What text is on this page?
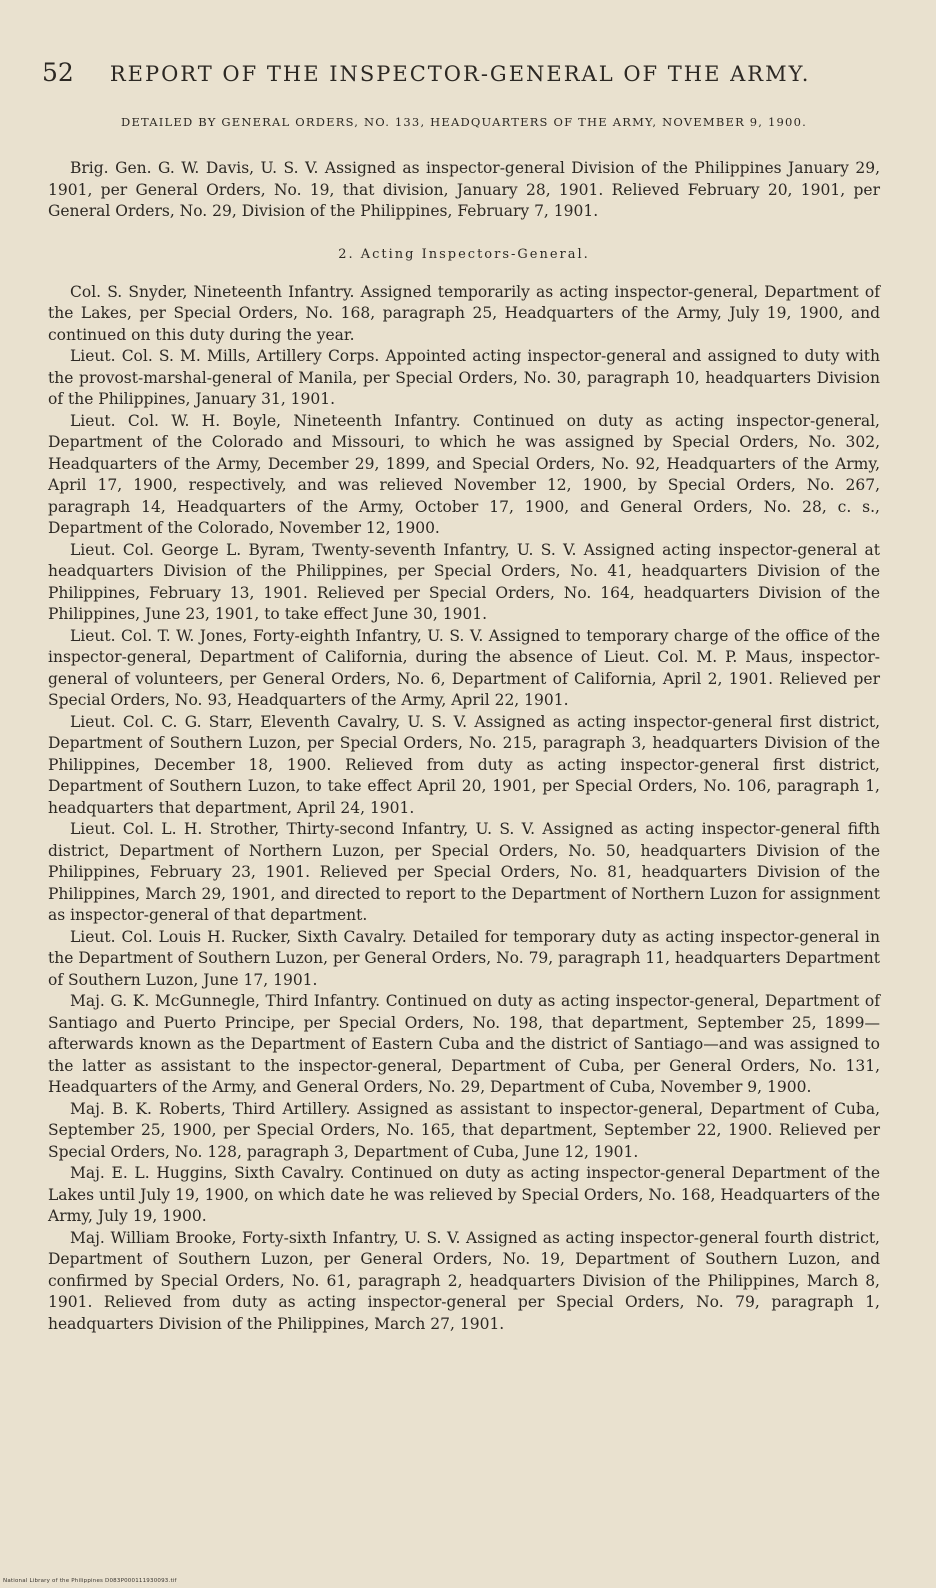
52 REPORT OF THE INSPECTOR-GENERAL OF THE ARMY.
DETAILED BY GENERAL ORDERS, NO. 133, HEADQUARTERS OF THE ARMY, NOVEMBER 9, 1900.

Brig. Gen. G. W. Davis, U. S. V. Assigned as inspector-general Division of the Philippines January 29, 1901, per General Orders, No. 19, that division, January 28, 1901. Relieved February 20, 1901, per General Orders, No. 29, Division of the Philippines, February 7, 1901.

2. Acting Inspectors-General.

Col. S. Snyder, Nineteenth Infantry. Assigned temporarily as acting inspector-general, Department of the Lakes, per Special Orders, No. 168, paragraph 25, Headquarters of the Army, July 19, 1900, and continued on this duty during the year.

Lieut. Col. S. M. Mills, Artillery Corps. Appointed acting inspector-general and assigned to duty with the provost-marshal-general of Manila, per Special Orders, No. 30, paragraph 10, headquarters Division of the Philippines, January 31, 1901.

Lieut. Col. W. H. Boyle, Nineteenth Infantry. Continued on duty as acting inspector-general, Department of the Colorado and Missouri, to which he was assigned by Special Orders, No. 302, Headquarters of the Army, December 29, 1899, and Special Orders, No. 92, Headquarters of the Army, April 17, 1900, respectively, and was relieved November 12, 1900, by Special Orders, No. 267, paragraph 14, Headquarters of the Army, October 17, 1900, and General Orders, No. 28, c. s., Department of the Colorado, November 12, 1900.

Lieut. Col. George L. Byram, Twenty-seventh Infantry, U. S. V. Assigned acting inspector-general at headquarters Division of the Philippines, per Special Orders, No. 41, headquarters Division of the Philippines, February 13, 1901. Relieved per Special Orders, No. 164, headquarters Division of the Philippines, June 23, 1901, to take effect June 30, 1901.

Lieut. Col. T. W. Jones, Forty-eighth Infantry, U. S. V. Assigned to temporary charge of the office of the inspector-general, Department of California, during the absence of Lieut. Col. M. P. Maus, inspector-general of volunteers, per General Orders, No. 6, Department of California, April 2, 1901. Relieved per Special Orders, No. 93, Headquarters of the Army, April 22, 1901.

Lieut. Col. C. G. Starr, Eleventh Cavalry, U. S. V. Assigned as acting inspector-general first district, Department of Southern Luzon, per Special Orders, No. 215, paragraph 3, headquarters Division of the Philippines, December 18, 1900. Relieved from duty as acting inspector-general first district, Department of Southern Luzon, to take effect April 20, 1901, per Special Orders, No. 106, paragraph 1, headquarters that department, April 24, 1901.

Lieut. Col. L. H. Strother, Thirty-second Infantry, U. S. V. Assigned as acting inspector-general fifth district, Department of Northern Luzon, per Special Orders, No. 50, headquarters Division of the Philippines, February 23, 1901. Relieved per Special Orders, No. 81, headquarters Division of the Philippines, March 29, 1901, and directed to report to the Department of Northern Luzon for assignment as inspector-general of that department.

Lieut. Col. Louis H. Rucker, Sixth Cavalry. Detailed for temporary duty as acting inspector-general in the Department of Southern Luzon, per General Orders, No. 79, paragraph 11, headquarters Department of Southern Luzon, June 17, 1901.

Maj. G. K. McGunnegle, Third Infantry. Continued on duty as acting inspector-general, Department of Santiago and Puerto Principe, per Special Orders, No. 198, that department, September 25, 1899—afterwards known as the Department of Eastern Cuba and the district of Santiago—and was assigned to the latter as assistant to the inspector-general, Department of Cuba, per General Orders, No. 131, Headquarters of the Army, and General Orders, No. 29, Department of Cuba, November 9, 1900.

Maj. B. K. Roberts, Third Artillery. Assigned as assistant to inspector-general, Department of Cuba, September 25, 1900, per Special Orders, No. 165, that department, September 22, 1900. Relieved per Special Orders, No. 128, paragraph 3, Department of Cuba, June 12, 1901.

Maj. E. L. Huggins, Sixth Cavalry. Continued on duty as acting inspector-general Department of the Lakes until July 19, 1900, on which date he was relieved by Special Orders, No. 168, Headquarters of the Army, July 19, 1900.

Maj. William Brooke, Forty-sixth Infantry, U. S. V. Assigned as acting inspector-general fourth district, Department of Southern Luzon, per General Orders, No. 19, Department of Southern Luzon, and confirmed by Special Orders, No. 61, paragraph 2, headquarters Division of the Philippines, March 8, 1901. Relieved from duty as acting inspector-general per Special Orders, No. 79, paragraph 1, headquarters Division of the Philippines, March 27, 1901.

National Library of the Philippines D083P000111930093.tif
